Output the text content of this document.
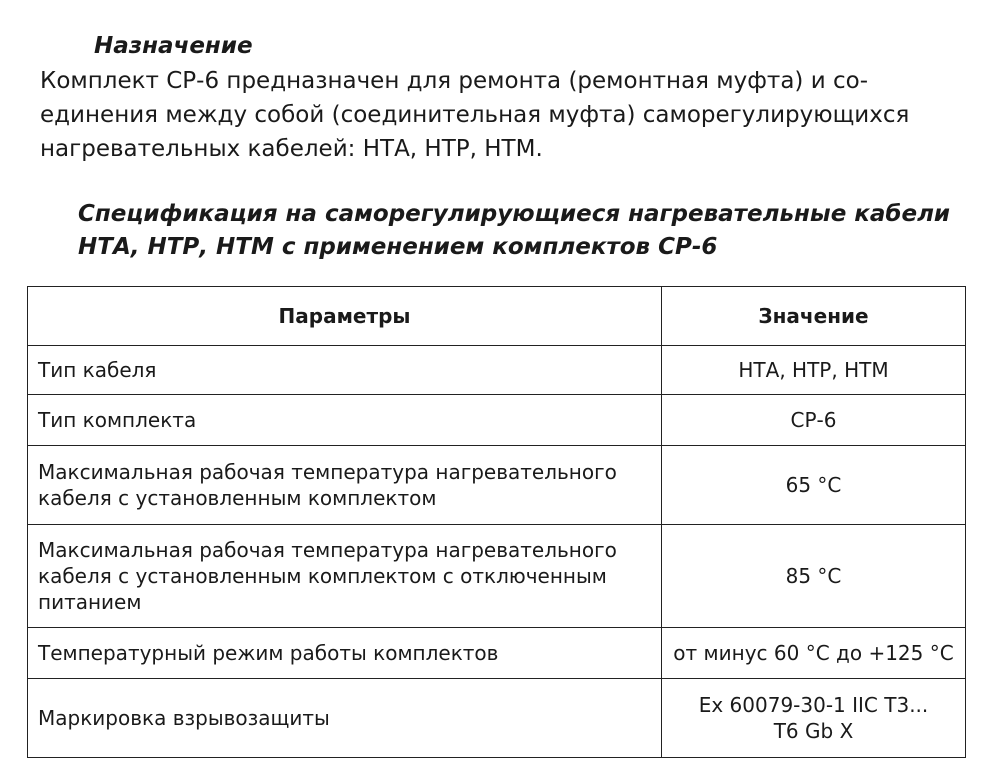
Назначение

Комплект СР-6 предназначен для ремонта (ремонтная муфта) и со-
единения между собой (соединительная муфта) саморегулирующихся
нагревательных кабелей: НТА, НТР, НТМ.

Спецификация на саморегулирующиеся нагревательные кабели
НТА, НТР, НТМ с применением комплектов СР-6
Параметры	Значение

Тип кабеля	НТА, НТР, НТМ

Тип комплекта	СР-6

Максимальная рабочая температура нагревательного
кабеля с установленным комплектом	65 °С

Максимальная рабочая температура нагревательного
кабеля с установленным комплектом с отключенным
питанием	85 °С

Температурный режим работы комплектов	от минус 60 °С до +125 °С

Маркировка взрывозащиты	Ex 60079-30-1 IIC T3...
T6 Gb X
